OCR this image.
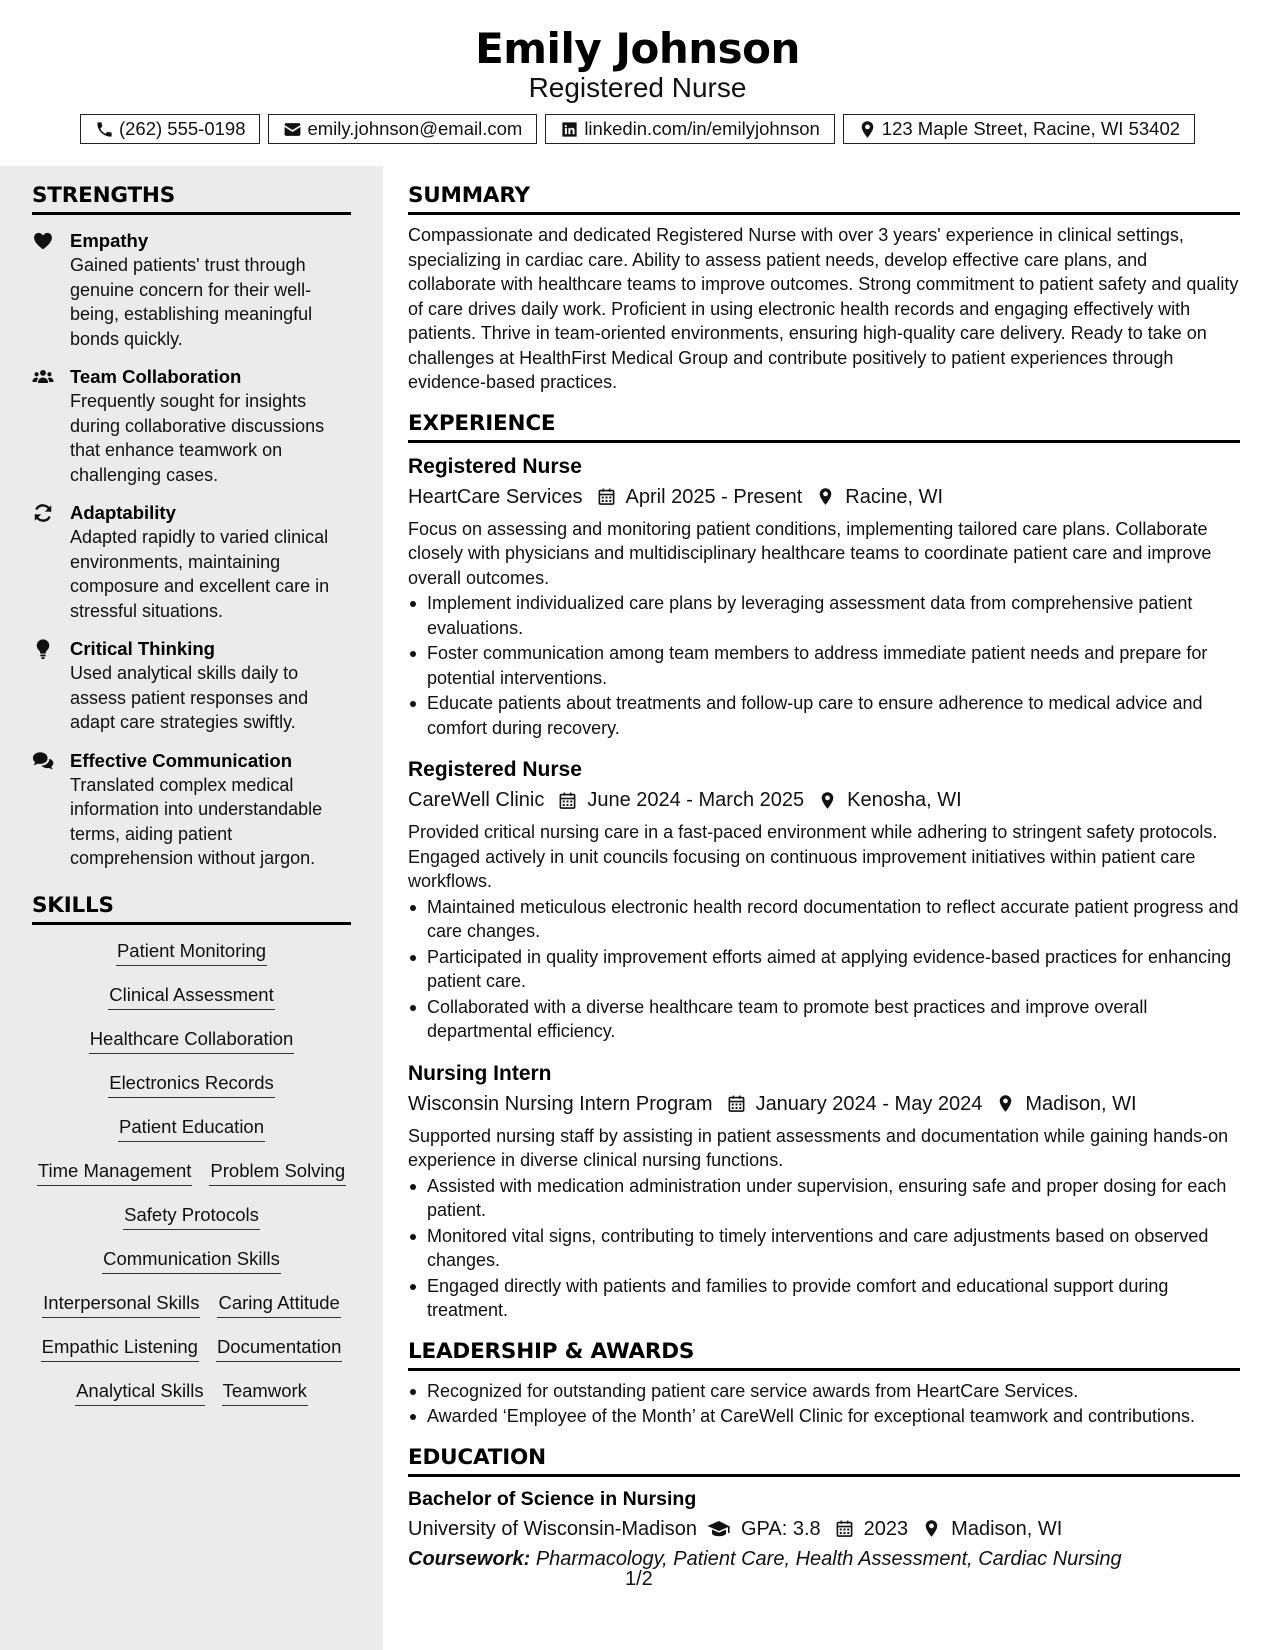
Emily Johnson
Registered Nurse
(262) 555-0198	emily.johnson@email.com	linkedin.com/in/emilyjohnson	123 Maple Street, Racine, WI 53402
STRENGTHS
Empathy
Gained patients' trust through genuine concern for their well-being, establishing meaningful bonds quickly.
Team Collaboration
Frequently sought for insights during collaborative discussions that enhance teamwork on challenging cases.
Adaptability
Adapted rapidly to varied clinical environments, maintaining composure and excellent care in stressful situations.
Critical Thinking
Used analytical skills daily to assess patient responses and adapt care strategies swiftly.
Effective Communication
Translated complex medical information into understandable terms, aiding patient comprehension without jargon.
SKILLS
Patient Monitoring
Clinical Assessment
Healthcare Collaboration
Electronics Records
Patient Education
Time Management Problem Solving
Safety Protocols
Communication Skills
Interpersonal Skills Caring Attitude
Empathic Listening Documentation
Analytical Skills Teamwork
SUMMARY
Compassionate and dedicated Registered Nurse with over 3 years' experience in clinical settings, specializing in cardiac care. Ability to assess patient needs, develop effective care plans, and collaborate with healthcare teams to improve outcomes. Strong commitment to patient safety and quality of care drives daily work. Proficient in using electronic health records and engaging effectively with patients. Thrive in team-oriented environments, ensuring high-quality care delivery. Ready to take on challenges at HealthFirst Medical Group and contribute positively to patient experiences through evidence-based practices.
EXPERIENCE
Registered Nurse
HeartCare Services April 2025 - Present Racine, WI
Focus on assessing and monitoring patient conditions, implementing tailored care plans. Collaborate closely with physicians and multidisciplinary healthcare teams to coordinate patient care and improve overall outcomes.
Implement individualized care plans by leveraging assessment data from comprehensive patient evaluations.
Foster communication among team members to address immediate patient needs and prepare for potential interventions.
Educate patients about treatments and follow-up care to ensure adherence to medical advice and comfort during recovery.
Registered Nurse
CareWell Clinic June 2024 - March 2025 Kenosha, WI
Provided critical nursing care in a fast-paced environment while adhering to stringent safety protocols. Engaged actively in unit councils focusing on continuous improvement initiatives within patient care workflows.
Maintained meticulous electronic health record documentation to reflect accurate patient progress and care changes.
Participated in quality improvement efforts aimed at applying evidence-based practices for enhancing patient care.
Collaborated with a diverse healthcare team to promote best practices and improve overall departmental efficiency.
Nursing Intern
Wisconsin Nursing Intern Program January 2024 - May 2024 Madison, WI
Supported nursing staff by assisting in patient assessments and documentation while gaining hands-on experience in diverse clinical nursing functions.
Assisted with medication administration under supervision, ensuring safe and proper dosing for each patient.
Monitored vital signs, contributing to timely interventions and care adjustments based on observed changes.
Engaged directly with patients and families to provide comfort and educational support during treatment.
LEADERSHIP & AWARDS
Recognized for outstanding patient care service awards from HeartCare Services.
Awarded ‘Employee of the Month’ at CareWell Clinic for exceptional teamwork and contributions.
EDUCATION
Bachelor of Science in Nursing
University of Wisconsin-Madison GPA: 3.8 2023 Madison, WI
Coursework: Pharmacology, Patient Care, Health Assessment, Cardiac Nursing
1/2
